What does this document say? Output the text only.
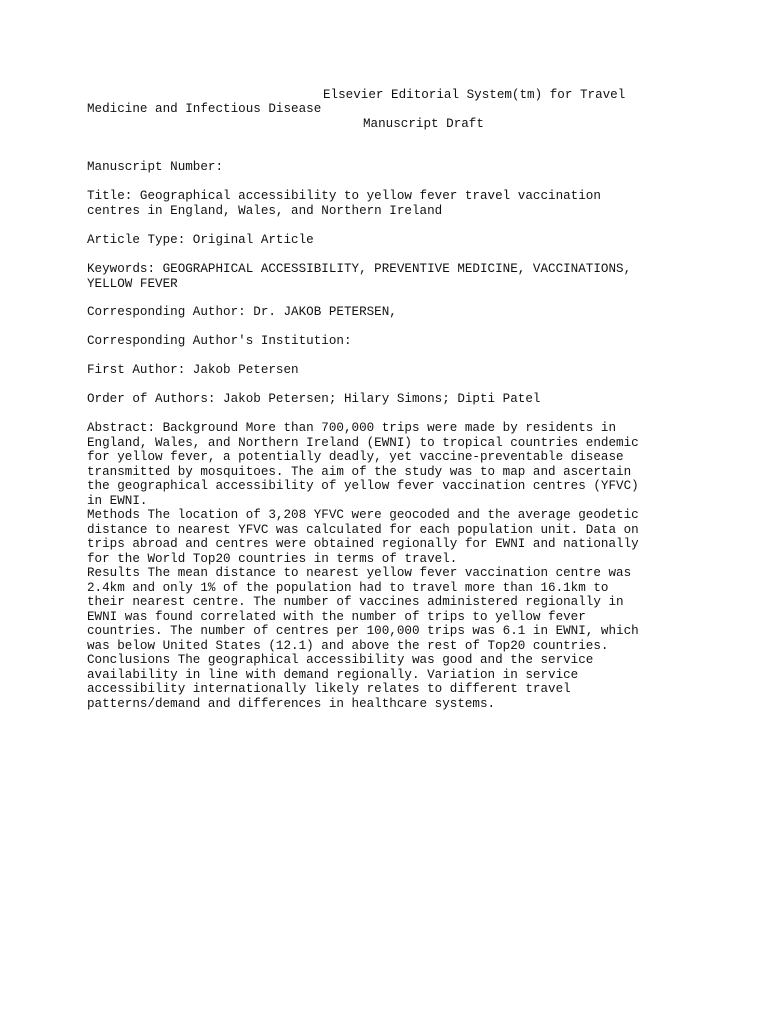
Elsevier Editorial System(tm) for Travel

Medicine and Infectious Disease

Manuscript Draft

Manuscript Number:

Title: Geographical accessibility to yellow fever travel vaccination
centres in England, Wales, and Northern Ireland

Article Type: Original Article

Keywords: GEOGRAPHICAL ACCESSIBILITY, PREVENTIVE MEDICINE, VACCINATIONS,
YELLOW FEVER

Corresponding Author: Dr. JAKOB PETERSEN,

Corresponding Author's Institution:

First Author: Jakob Petersen

Order of Authors: Jakob Petersen; Hilary Simons; Dipti Patel

Abstract: Background More than 700,000 trips were made by residents in
England, Wales, and Northern Ireland (EWNI) to tropical countries endemic
for yellow fever, a potentially deadly, yet vaccine-preventable disease
transmitted by mosquitoes. The aim of the study was to map and ascertain
the geographical accessibility of yellow fever vaccination centres (YFVC)
in EWNI.
Methods The location of 3,208 YFVC were geocoded and the average geodetic
distance to nearest YFVC was calculated for each population unit. Data on
trips abroad and centres were obtained regionally for EWNI and nationally
for the World Top20 countries in terms of travel.
Results The mean distance to nearest yellow fever vaccination centre was
2.4km and only 1% of the population had to travel more than 16.1km to
their nearest centre. The number of vaccines administered regionally in
EWNI was found correlated with the number of trips to yellow fever
countries. The number of centres per 100,000 trips was 6.1 in EWNI, which
was below United States (12.1) and above the rest of Top20 countries.
Conclusions The geographical accessibility was good and the service
availability in line with demand regionally. Variation in service
accessibility internationally likely relates to different travel
patterns/demand and differences in healthcare systems.
